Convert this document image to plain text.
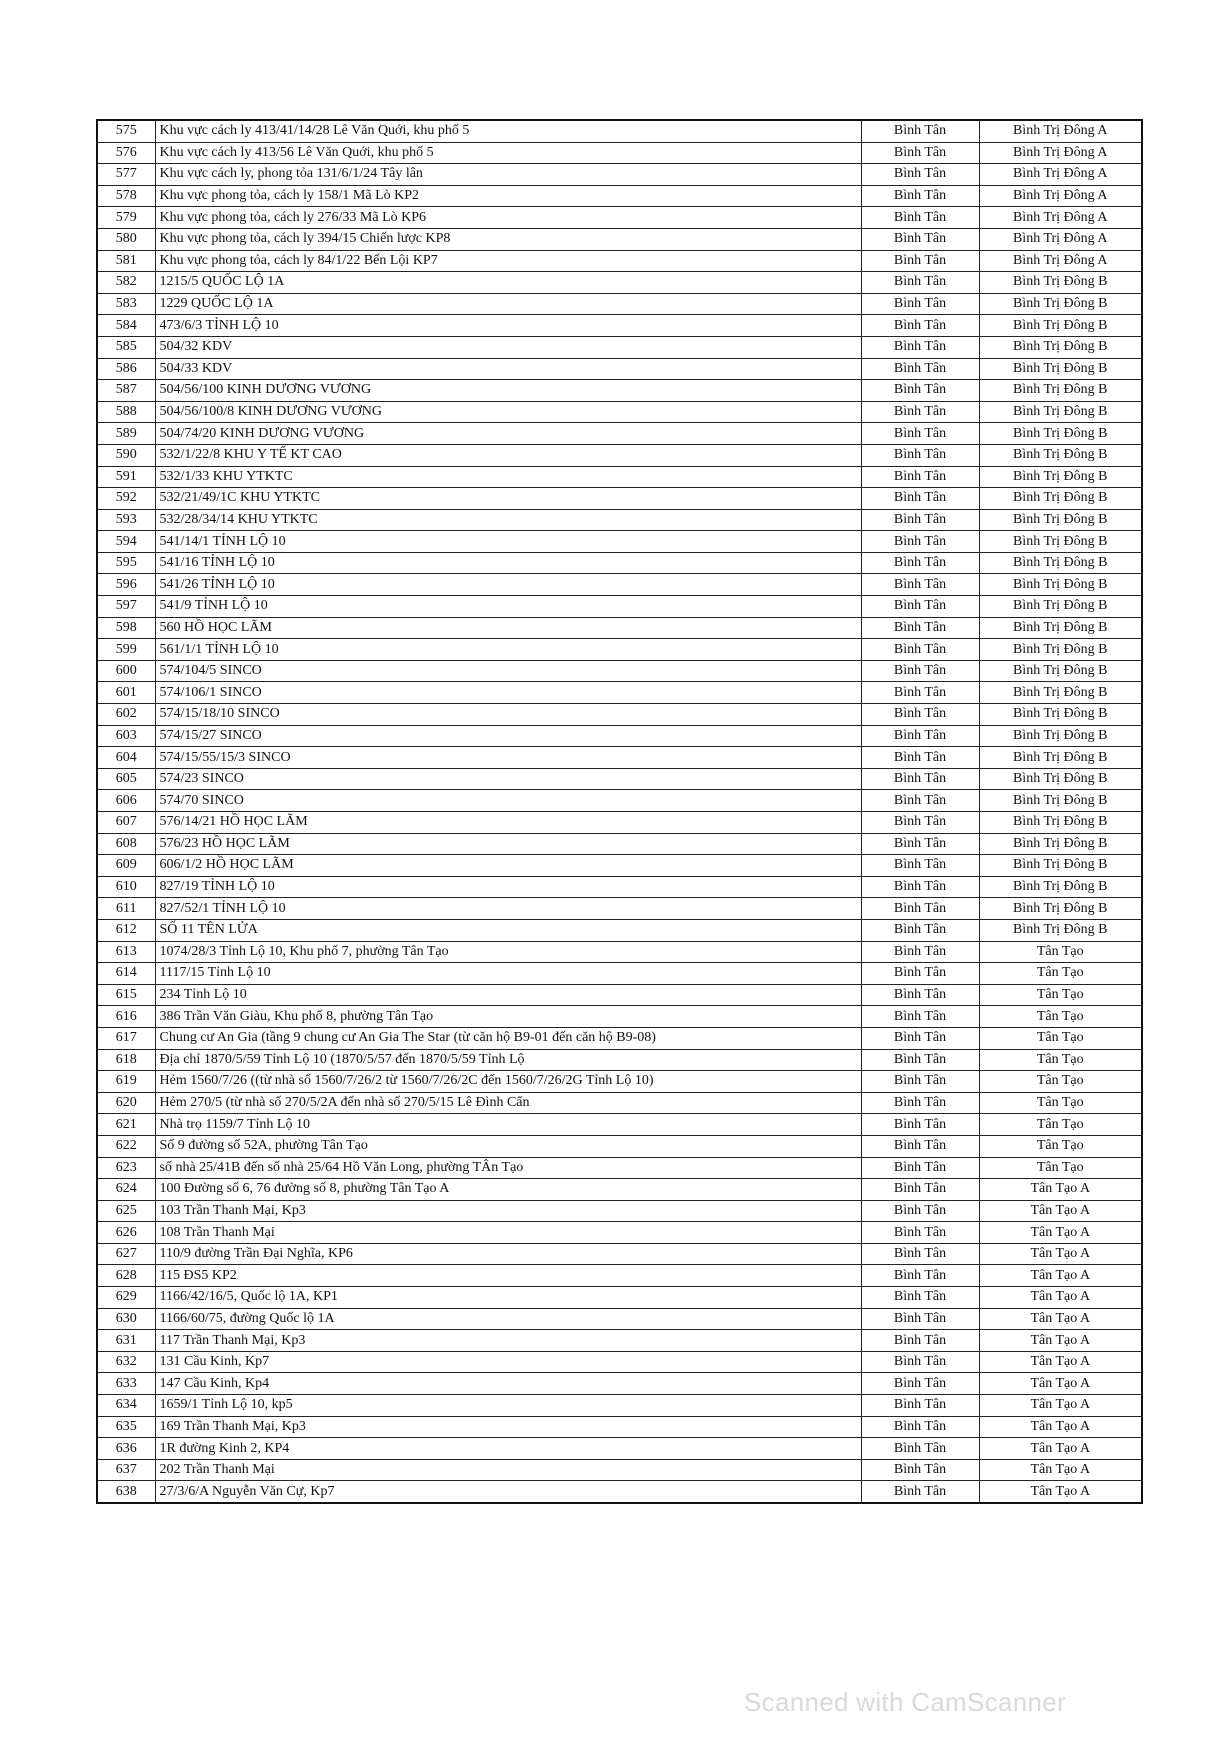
575	Khu vực cách ly 413/41/14/28 Lê Văn Quới, khu phố 5	Bình Tân	Bình Trị Đông A
576	Khu vực cách ly 413/56 Lê Văn Quới, khu phố 5	Bình Tân	Bình Trị Đông A
577	Khu vực cách ly, phong tỏa 131/6/1/24 Tây lân	Bình Tân	Bình Trị Đông A
578	Khu vực phong tỏa, cách ly 158/1 Mã Lò KP2	Bình Tân	Bình Trị Đông A
579	Khu vực phong tỏa, cách ly 276/33 Mã Lò KP6	Bình Tân	Bình Trị Đông A
580	Khu vực phong tỏa, cách ly 394/15 Chiến lược KP8	Bình Tân	Bình Trị Đông A
581	Khu vực phong tỏa, cách ly 84/1/22 Bến Lội KP7	Bình Tân	Bình Trị Đông A
582	1215/5 QUỐC LỘ 1A	Bình Tân	Bình Trị Đông B
583	1229 QUỐC LỘ 1A	Bình Tân	Bình Trị Đông B
584	473/6/3 TỈNH LỘ 10	Bình Tân	Bình Trị Đông B
585	504/32 KDV	Bình Tân	Bình Trị Đông B
586	504/33 KDV	Bình Tân	Bình Trị Đông B
587	504/56/100 KINH DƯƠNG VƯƠNG	Bình Tân	Bình Trị Đông B
588	504/56/100/8 KINH DƯƠNG VƯƠNG	Bình Tân	Bình Trị Đông B
589	504/74/20 KINH DƯƠNG VƯƠNG	Bình Tân	Bình Trị Đông B
590	532/1/22/8 KHU Y TẾ KT CAO	Bình Tân	Bình Trị Đông B
591	532/1/33 KHU YTKTC	Bình Tân	Bình Trị Đông B
592	532/21/49/1C KHU YTKTC	Bình Tân	Bình Trị Đông B
593	532/28/34/14 KHU YTKTC	Bình Tân	Bình Trị Đông B
594	541/14/1 TỈNH LỘ 10	Bình Tân	Bình Trị Đông B
595	541/16 TỈNH LỘ 10	Bình Tân	Bình Trị Đông B
596	541/26 TỈNH LỘ 10	Bình Tân	Bình Trị Đông B
597	541/9 TỈNH LỘ 10	Bình Tân	Bình Trị Đông B
598	560 HỒ HỌC LÃM	Bình Tân	Bình Trị Đông B
599	561/1/1 TỈNH LỘ 10	Bình Tân	Bình Trị Đông B
600	574/104/5 SINCO	Bình Tân	Bình Trị Đông B
601	574/106/1 SINCO	Bình Tân	Bình Trị Đông B
602	574/15/18/10 SINCO	Bình Tân	Bình Trị Đông B
603	574/15/27 SINCO	Bình Tân	Bình Trị Đông B
604	574/15/55/15/3 SINCO	Bình Tân	Bình Trị Đông B
605	574/23 SINCO	Bình Tân	Bình Trị Đông B
606	574/70 SINCO	Bình Tân	Bình Trị Đông B
607	576/14/21 HỒ HỌC LÃM	Bình Tân	Bình Trị Đông B
608	576/23 HỒ HỌC LÃM	Bình Tân	Bình Trị Đông B
609	606/1/2 HỒ HỌC LÃM	Bình Tân	Bình Trị Đông B
610	827/19 TỈNH LỘ 10	Bình Tân	Bình Trị Đông B
611	827/52/1 TỈNH LỘ 10	Bình Tân	Bình Trị Đông B
612	SỐ 11 TÊN LỬA	Bình Tân	Bình Trị Đông B
613	1074/28/3 Tỉnh Lộ 10, Khu phố 7, phường Tân Tạo	Bình Tân	Tân Tạo
614	1117/15 Tỉnh Lộ 10	Bình Tân	Tân Tạo
615	234 Tỉnh Lộ 10	Bình Tân	Tân Tạo
616	386 Trần Văn Giàu, Khu phố 8, phường Tân Tạo	Bình Tân	Tân Tạo
617	Chung cư An Gia (tầng 9 chung cư An Gia The Star (từ căn hộ B9-01 đến căn hộ B9-08)	Bình Tân	Tân Tạo
618	Địa chỉ 1870/5/59 Tỉnh Lộ 10 (1870/5/57 đến 1870/5/59 Tỉnh Lộ	Bình Tân	Tân Tạo
619	Hẻm 1560/7/26 ((từ nhà số 1560/7/26/2 từ 1560/7/26/2C đến 1560/7/26/2G Tỉnh Lộ 10)	Bình Tân	Tân Tạo
620	Hẻm 270/5 (từ nhà số 270/5/2A đến nhà số 270/5/15 Lê Đình Cẩn	Bình Tân	Tân Tạo
621	Nhà trọ 1159/7 Tỉnh Lộ 10	Bình Tân	Tân Tạo
622	Số 9 đường số 52A, phường Tân Tạo	Bình Tân	Tân Tạo
623	số nhà 25/41B đến số nhà 25/64 Hồ Văn Long, phường TÂn Tạo	Bình Tân	Tân Tạo
624	100 Đường số 6, 76 đường số 8, phường Tân Tạo A	Bình Tân	Tân Tạo A
625	103 Trần Thanh Mại, Kp3	Bình Tân	Tân Tạo A
626	108 Trần Thanh Mại	Bình Tân	Tân Tạo A
627	110/9 đường Trần Đại Nghĩa, KP6	Bình Tân	Tân Tạo A
628	115 ĐS5 KP2	Bình Tân	Tân Tạo A
629	1166/42/16/5, Quốc lộ 1A, KP1	Bình Tân	Tân Tạo A
630	1166/60/75, đường Quốc lộ 1A	Bình Tân	Tân Tạo A
631	117 Trần Thanh Mại, Kp3	Bình Tân	Tân Tạo A
632	131 Cầu Kinh, Kp7	Bình Tân	Tân Tạo A
633	147 Cầu Kinh, Kp4	Bình Tân	Tân Tạo A
634	1659/1 Tỉnh Lộ 10, kp5	Bình Tân	Tân Tạo A
635	169 Trần Thanh Mại, Kp3	Bình Tân	Tân Tạo A
636	1R đường Kinh 2, KP4	Bình Tân	Tân Tạo A
637	202 Trần Thanh Mại	Bình Tân	Tân Tạo A
638	27/3/6/A Nguyễn Văn Cự, Kp7	Bình Tân	Tân Tạo A
Scanned with CamScanner
